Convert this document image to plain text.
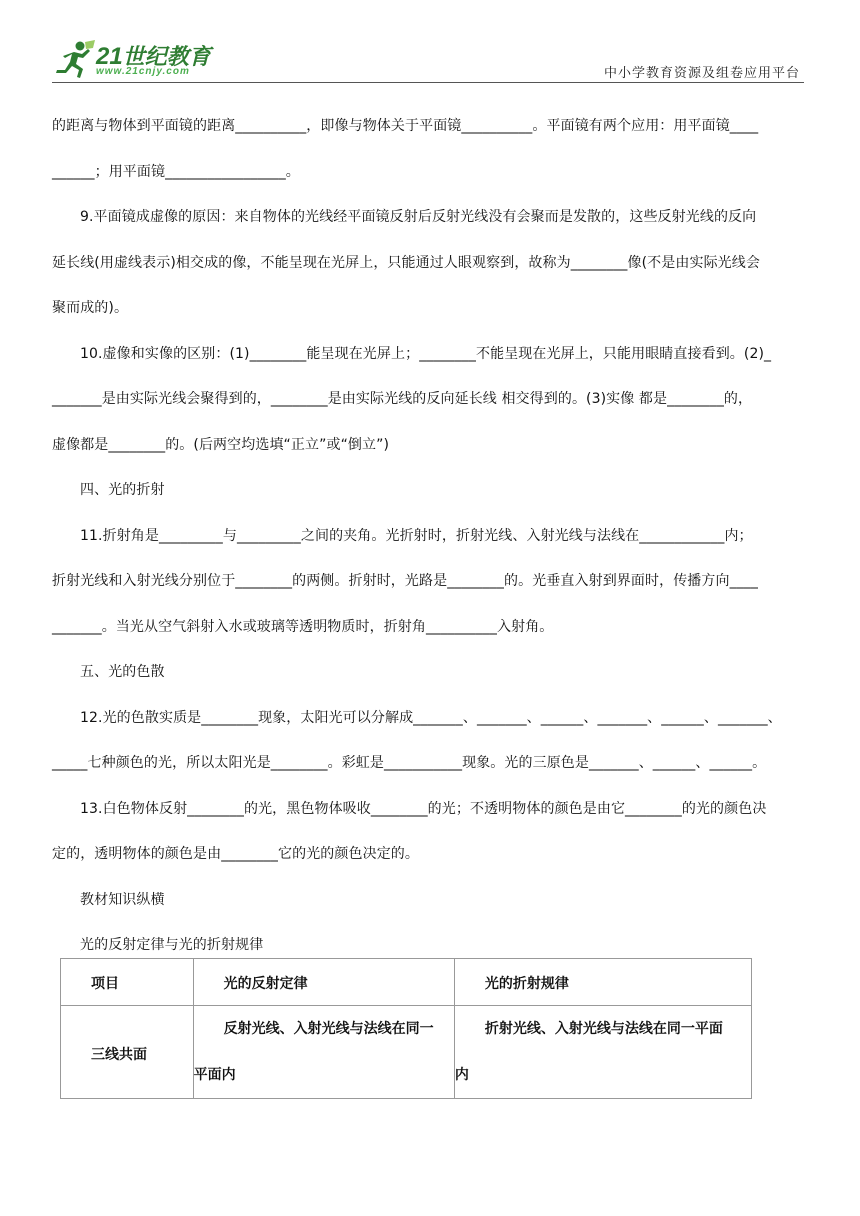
21世纪教育
www.21cnjy.com	中小学教育资源及组卷应用平台

的距离与物体到平面镜的距离__________，即像与物体关于平面镜__________。平面镜有两个应用：用平面镜____

______；用平面镜_________________。

9.平面镜成虚像的原因：来自物体的光线经平面镜反射后反射光线没有会聚而是发散的，这些反射光线的反向

延长线(用虚线表示)相交成的像，不能呈现在光屏上，只能通过人眼观察到，故称为________像(不是由实际光线会

聚而成的)。

10.虚像和实像的区别：(1)________能呈现在光屏上；________不能呈现在光屏上，只能用眼睛直接看到。(2)_

_______是由实际光线会聚得到的，________是由实际光线的反向延长线 相交得到的。(3)实像 都是________的，

虚像都是________的。(后两空均选填“正立”或“倒立”)

四、光的折射

11.折射角是_________与_________之间的夹角。光折射时，折射光线、入射光线与法线在____________内；

折射光线和入射光线分别位于________的两侧。折射时，光路是________的。光垂直入射到界面时，传播方向____

_______。当光从空气斜射入水或玻璃等透明物质时，折射角__________入射角。

五、光的色散

12.光的色散实质是________现象，太阳光可以分解成_______、_______、______、_______、______、_______、

_____七种颜色的光，所以太阳光是________。彩虹是___________现象。光的三原色是_______、______、______。

13.白色物体反射________的光，黑色物体吸收________的光；不透明物体的颜色是由它________的光的颜色决

定的，透明物体的颜色是由________它的光的颜色决定的。

教材知识纵横

光的反射定律与光的折射规律

项目	光的反射定律	光的折射规律

三线共面	反射光线、入射光线与法线在同一
平面内	折射光线、入射光线与法线在同一平面
内
